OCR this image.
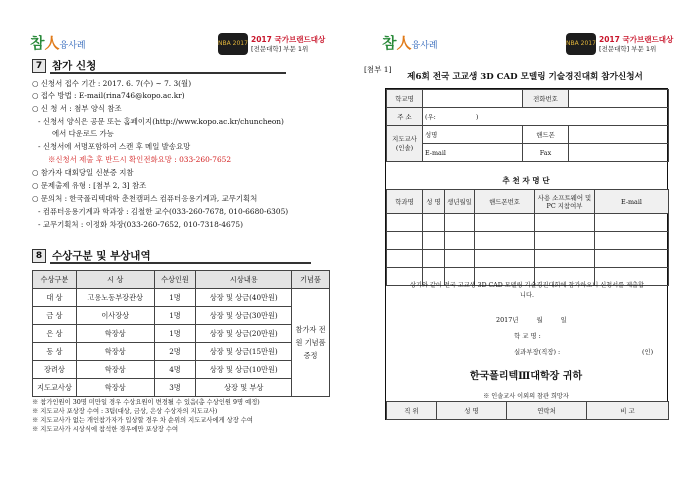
참人융사례	NBA 2017 2017 국가브랜드대상
[전문대학] 부문 1위
7 참가 신청
○ 신청서 접수 기간 : 2017. 6. 7(수) ~ 7. 3(월)
○ 접수 방법 : E-mail(rina746@kopo.ac.kr)
○ 신 청 서 : 첨부 양식 참조
- 신청서 양식은 공문 또는 홈페이지(http://www.kopo.ac.kr/chuncheon)
에서 다운로드 가능
- 신청서에 서명포함하여 스캔 후 메일 발송요망
※신청서 제출 후 반드시 확인전화요망 : 033-260-7652
○ 참가자 대회당일 신분증 지참
○ 문제출제 유형 : [첨부 2, 3] 참조
○ 문의처 : 한국폴리텍대학 춘천캠퍼스 컴퓨터응용기계과, 교무기획처
- 컴퓨터응용기계과 학과장 : 김철한 교수(033-260-7678, 010-6680-6305)
- 교무기획처 : 이정화 차장(033-260-7652, 010-7318-4675)
8 수상구분 및 부상내역
수상구분	시 상	수상인원	시상내용	기념품
대 상	고용노동부장관상	1명	상장 및 상금(40만원)	참가자 전원 기념품 증정
금 상	이사장상	1명	상장 및 상금(30만원)	
은 상	학장상	1명	상장 및 상금(20만원)	
동 상	학장상	2명	상장 및 상금(15만원)	
장려상	학장상	4명	상장 및 상금(10만원)	
지도교사상	학장상	3명	상장 및 부상	
※ 참가인원이 30명 미만일 경우 수상요원이 변경될 수 있음(총 수상인원 9명 예정)
※ 지도교사 포상장 수여 : 3팀(대상, 금상, 은상 수상자의 지도교사)
※ 지도교사가 없는 개인참가자가 입상할 경우 차 순위의 지도교사에게 상장 수여
※ 지도교사가 시상식에 참석한 경우에만 포상장 수여
참人융사례	NBA 2017 2017 국가브랜드대상
[전문대학] 부문 1위
[첨부 1]
제6회 전국 고교생 3D CAD 모델링 기술경진대회 참가신청서
학교명		전화번호	
주 소	(우: )		
지도교사 (인솔)	성명	핸드폰	
	E-mail	Fax	
추 천 자 명 단
학과명	성 명	생년월일	핸드폰번호	사용 소프트웨어 및 PC 지참여부	E-mail

상기와 같이 전국 고교생 3D CAD 모델링 기술경진대회에 참가하오니 신청서를 제출합니다.
2017년	월	일
학 교 명 :
실과부장(직장) :	(인)
한국폴리텍Ⅲ대학장 귀하
※ 인솔교사 이외의 참관 희망자
직 위	성 명	연락처	비 고
